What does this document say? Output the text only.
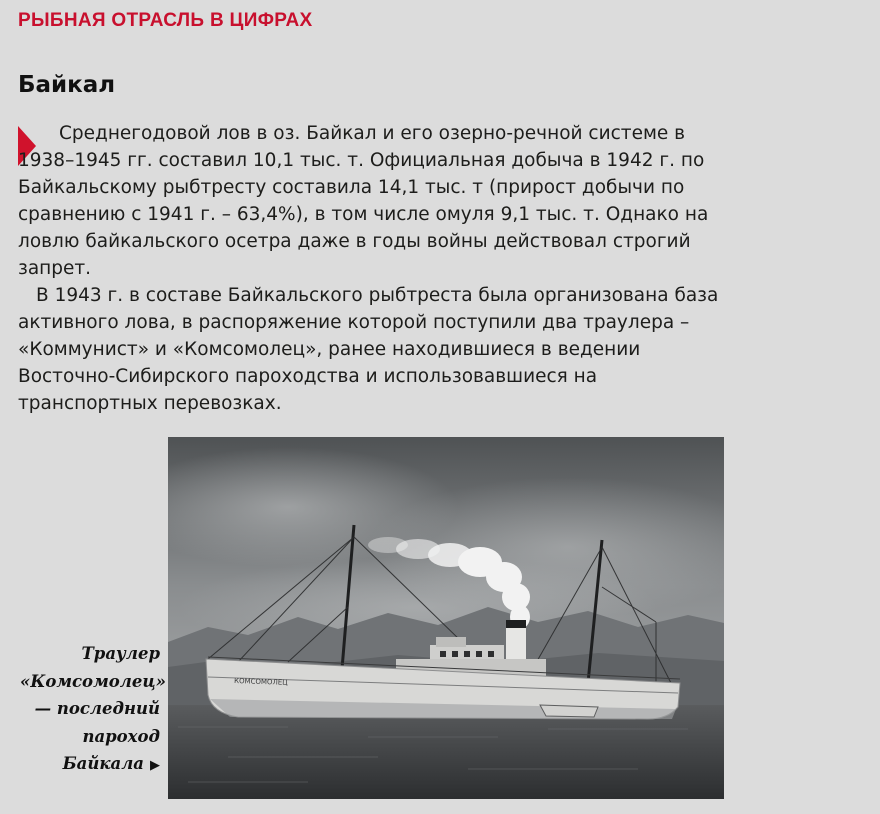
РЫБНАЯ ОТРАСЛЬ В ЦИФРАХ
Байкал

Среднегодовой лов в оз. Байкал и его озерно-речной системе в 1938–1945 гг. составил 10,1 тыс. т. Официальная добыча в 1942 г. по Байкальскому рыбтресту составила 14,1 тыс. т (прирост добычи по сравнению с 1941 г. – 63,4%), в том числе омуля 9,1 тыс. т. Однако на ловлю байкальского осетра даже в годы войны действовал строгий запрет.

В 1943 г. в составе Байкальского рыбтреста была организована база активного лова, в распоряжение которой поступили два траулера – «Коммунист» и «Комсомолец», ранее находившиеся в ведении Восточно-Сибирского пароходства и использовавшиеся на транспортных перевозках.

Траулер «Комсомолец» — последний пароход Байкала ▶
КОМСОМОЛЕЦ
